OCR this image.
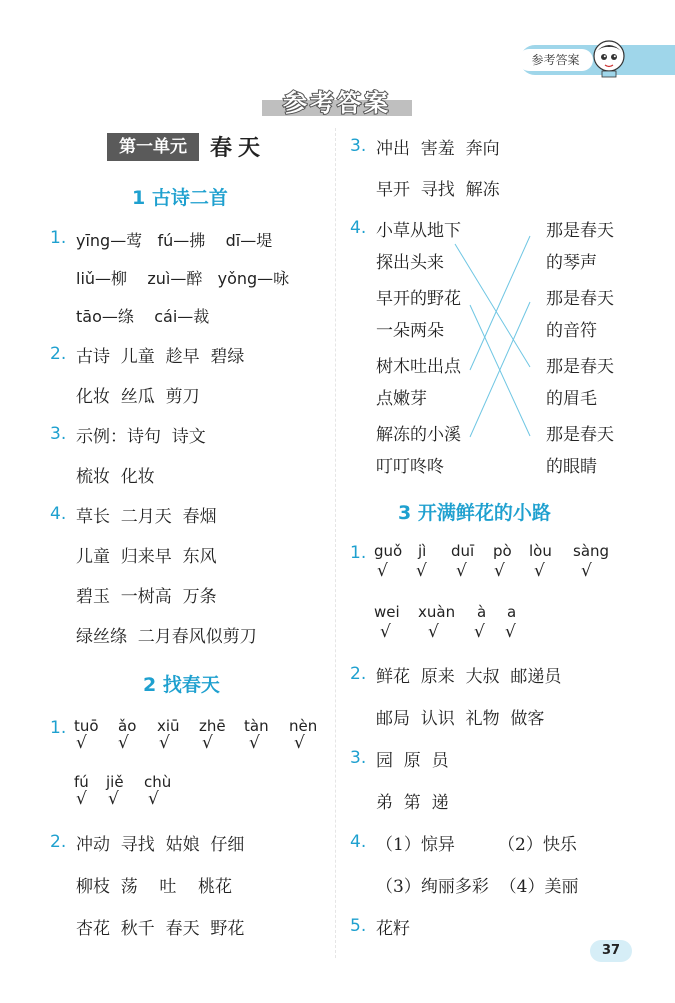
参考答案
参考答案
第一单元	春天
1 古诗二首
1. yīng—莺   fú—拂    dī—堤
liǔ—柳    zuì—醉   yǒng—咏
tāo—绦    cái—裁
2. 古诗  儿童  趁早  碧绿
化妆  丝瓜  剪刀
3. 示例：诗句  诗文
梳妆  化妆
4. 草长  二月天  春烟
儿童  归来早  东风
碧玉  一树高  万条
绿丝绦  二月春风似剪刀
2 找春天
1. tuō ǎo xiū zhē tàn nèn
√ √ √ √ √ √
fú jiě chù
√ √ √
2. 冲动  寻找  姑娘  仔细
柳枝  荡    吐    桃花
杏花  秋千  春天  野花
3. 冲出  害羞  奔向
早开  寻找  解冻
4. 小草从地下
探出头来
早开的野花
一朵两朵
树木吐出点
点嫩芽
解冻的小溪
叮叮咚咚
那是春天
的琴声
那是春天
的音符
那是春天
的眉毛
那是春天
的眼睛
3 开满鲜花的小路
1. guǒ jì duī pò lòu sàng
√ √ √ √ √ √
wei xuàn à a
√ √ √ √
2. 鲜花  原来  大叔  邮递员
邮局  认识  礼物  做客
3. 园  原  员
弟  第  递
4. （1）惊异        （2）快乐
（3）绚丽多彩  （4）美丽
5. 花籽
37
